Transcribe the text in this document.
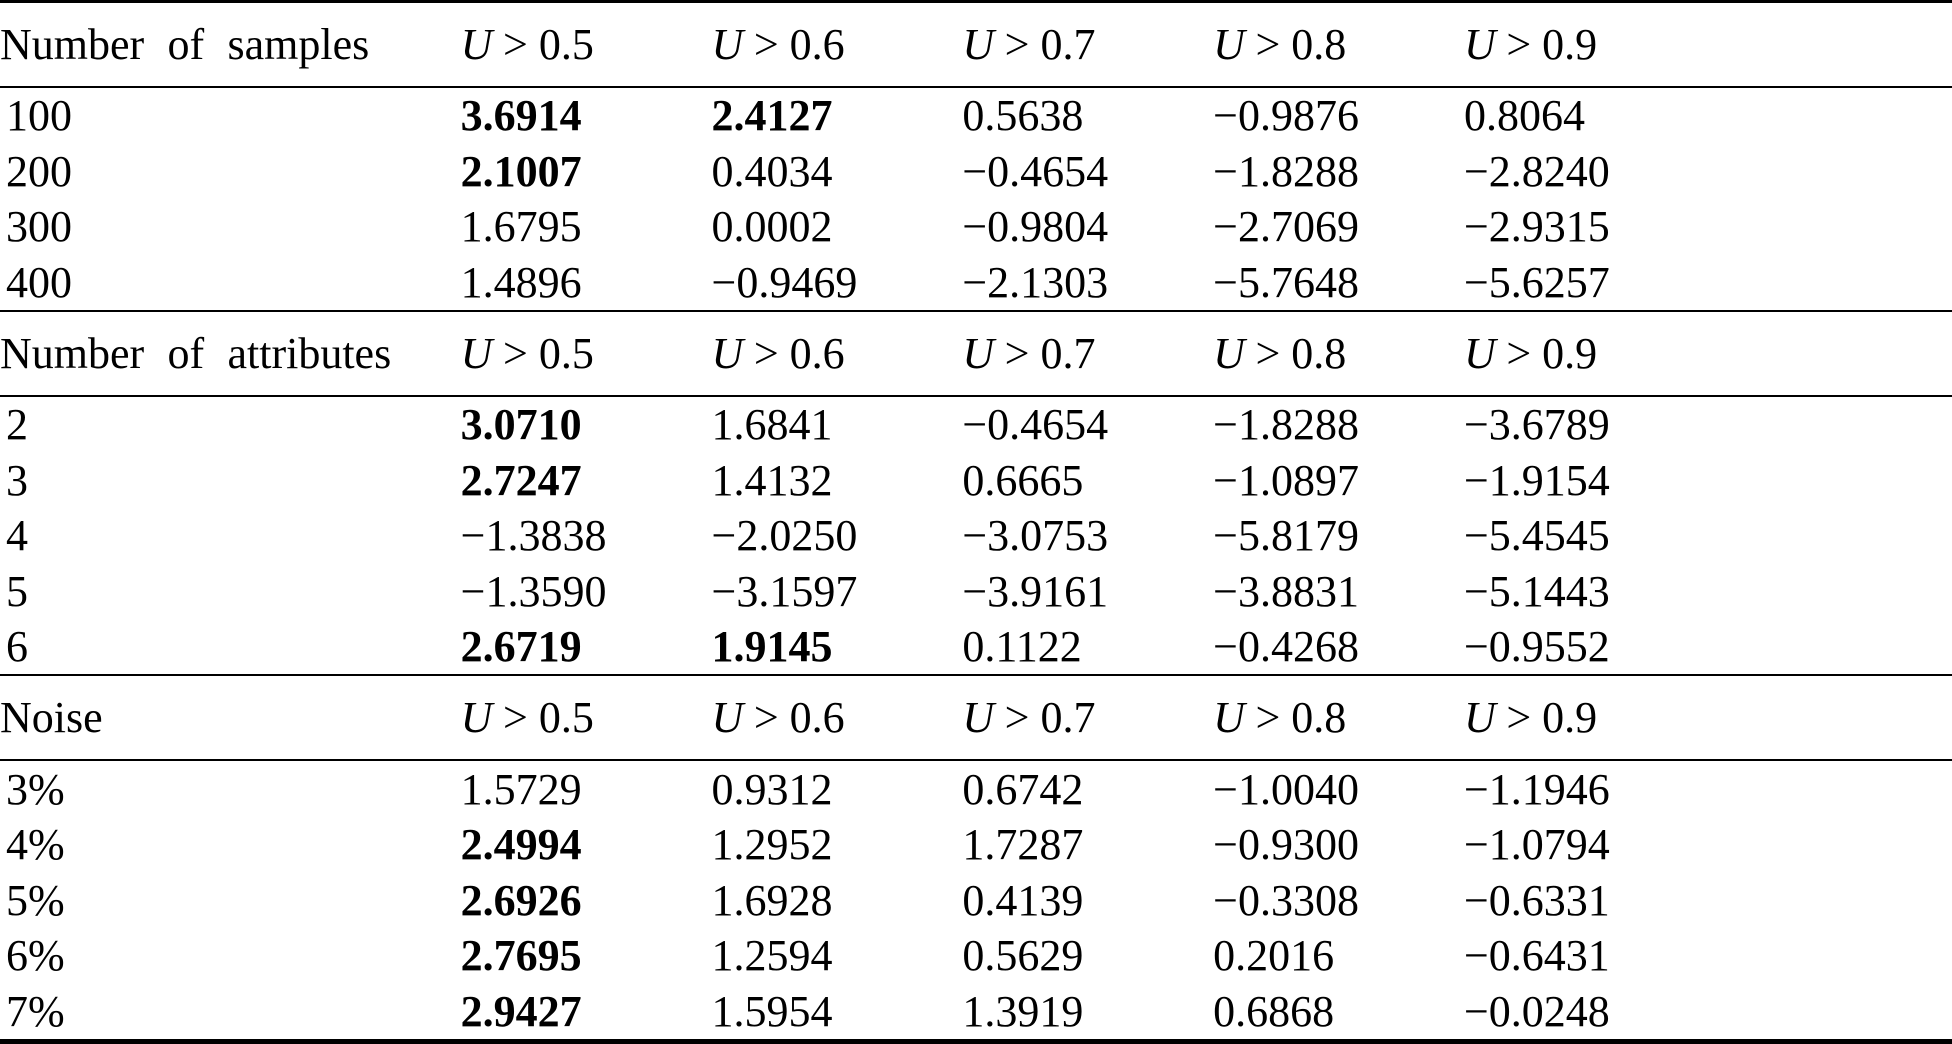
Number of samples	U > 0.5	U > 0.6	U > 0.7	U > 0.8	U > 0.9
100	3.6914	2.4127	0.5638	−0.9876	0.8064
200	2.1007	0.4034	−0.4654	−1.8288	−2.8240
300	1.6795	0.0002	−0.9804	−2.7069	−2.9315
400	1.4896	−0.9469	−2.1303	−5.7648	−5.6257
Number of attributes	U > 0.5	U > 0.6	U > 0.7	U > 0.8	U > 0.9
2	3.0710	1.6841	−0.4654	−1.8288	−3.6789
3	2.7247	1.4132	0.6665	−1.0897	−1.9154
4	−1.3838	−2.0250	−3.0753	−5.8179	−5.4545
5	−1.3590	−3.1597	−3.9161	−3.8831	−5.1443
6	2.6719	1.9145	0.1122	−0.4268	−0.9552
Noise	U > 0.5	U > 0.6	U > 0.7	U > 0.8	U > 0.9
3%	1.5729	0.9312	0.6742	−1.0040	−1.1946
4%	2.4994	1.2952	1.7287	−0.9300	−1.0794
5%	2.6926	1.6928	0.4139	−0.3308	−0.6331
6%	2.7695	1.2594	0.5629	0.2016	−0.6431
7%	2.9427	1.5954	1.3919	0.6868	−0.0248
